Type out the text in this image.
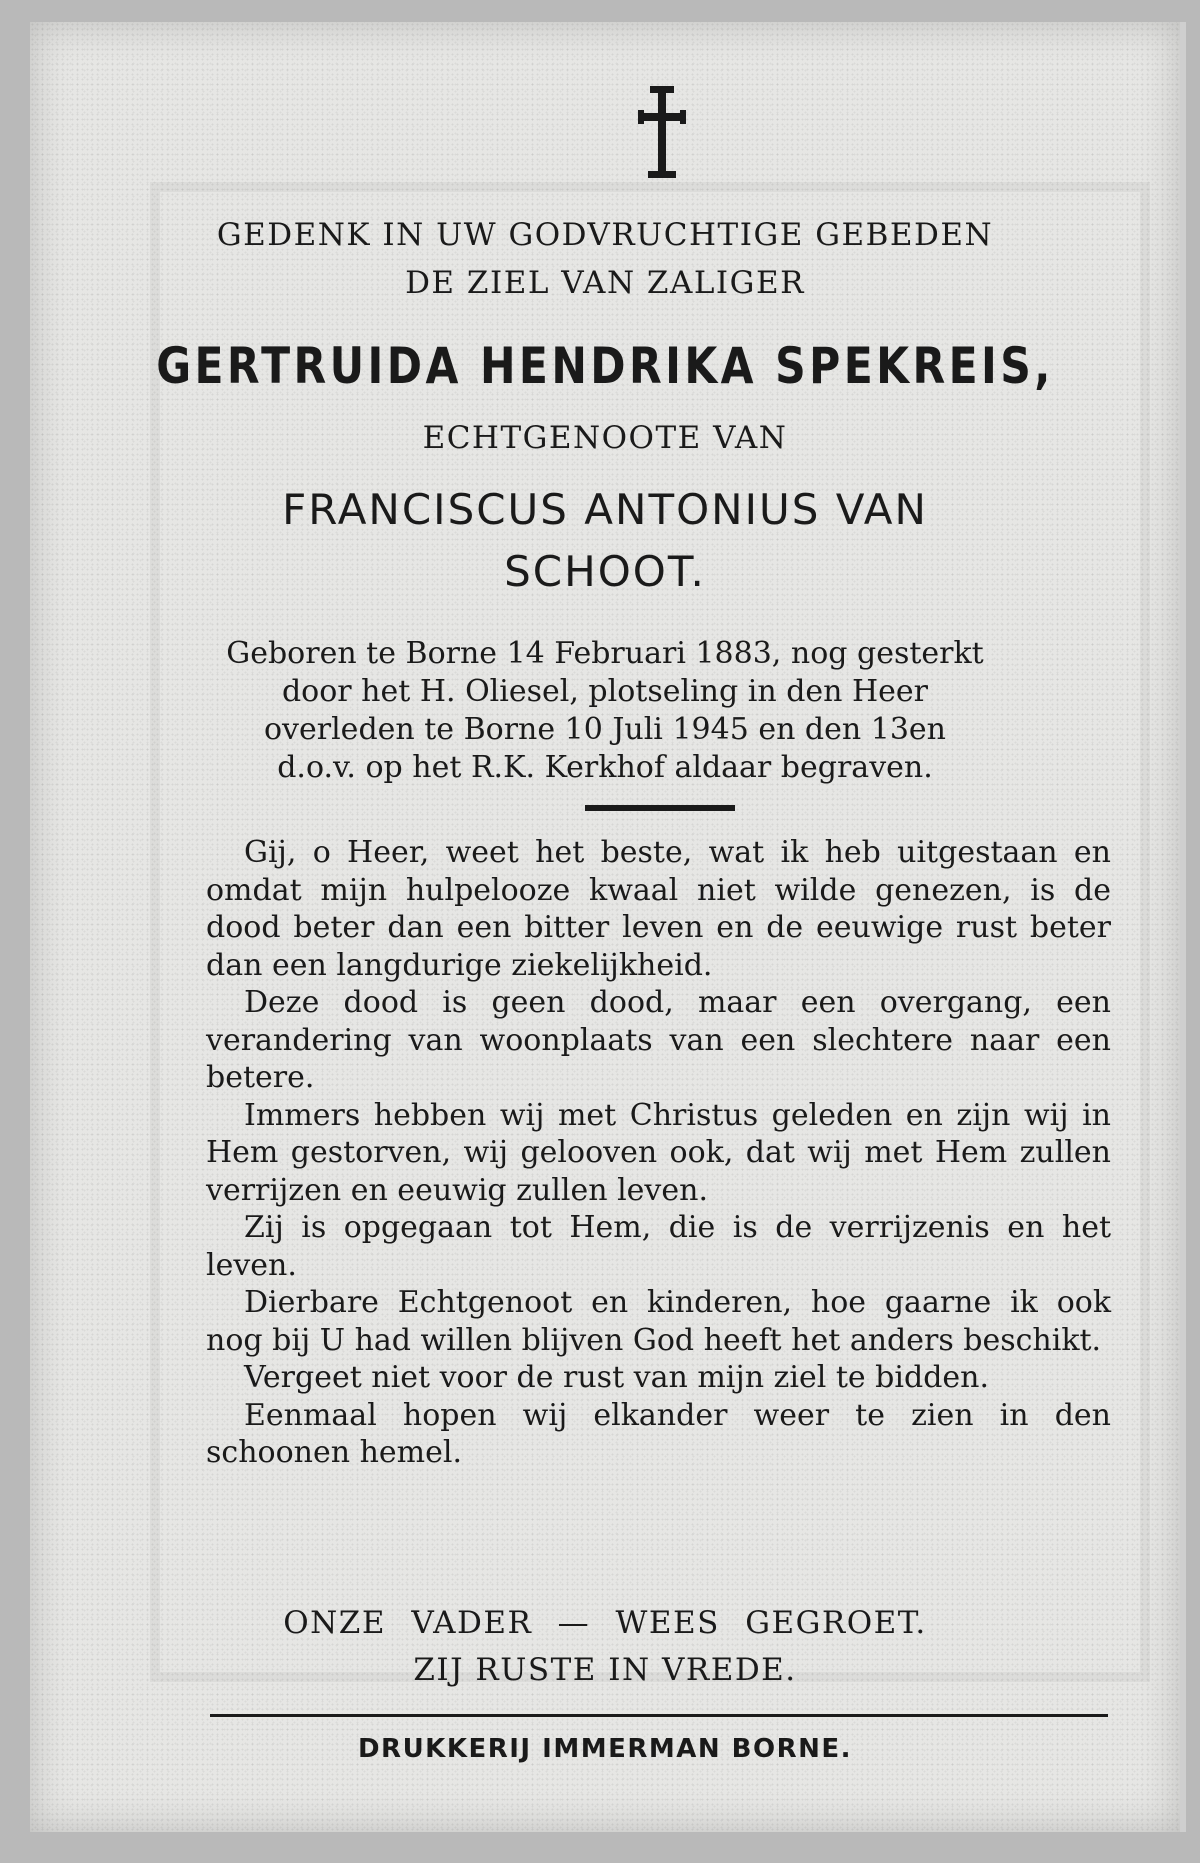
GEDENK IN UW GODVRUCHTIGE GEBEDEN
DE ZIEL VAN ZALIGER
GERTRUIDA HENDRIKA SPEKREIS,
ECHTGENOOTE VAN
FRANCISCUS ANTONIUS VAN
SCHOOT.
Geboren te Borne 14 Februari 1883, nog gesterkt
door het H. Oliesel, plotseling in den Heer
overleden te Borne 10 Juli 1945 en den 13en
d.o.v. op het R.K. Kerkhof aldaar begraven.

Gij, o Heer, weet het beste, wat ik heb uitgestaan en omdat mijn hulpelooze kwaal niet wilde genezen, is de dood beter dan een bitter leven en de eeuwige rust beter dan een langdurige ziekelijkheid.

Deze dood is geen dood, maar een overgang, een verandering van woonplaats van een slechtere naar een betere.

Immers hebben wij met Christus geleden en zijn wij in Hem gestorven, wij gelooven ook, dat wij met Hem zullen verrijzen en eeuwig zullen leven.

Zij is opgegaan tot Hem, die is de verrijzenis en het leven.

Dierbare Echtgenoot en kinderen, hoe gaarne ik ook nog bij U had willen blijven God heeft het anders beschikt.

Vergeet niet voor de rust van mijn ziel te bidden.

Eenmaal hopen wij elkander weer te zien in den schoonen hemel.

ONZE VADER — WEES GEGROET.
ZIJ RUSTE IN VREDE.
DRUKKERIJ IMMERMAN BORNE.
